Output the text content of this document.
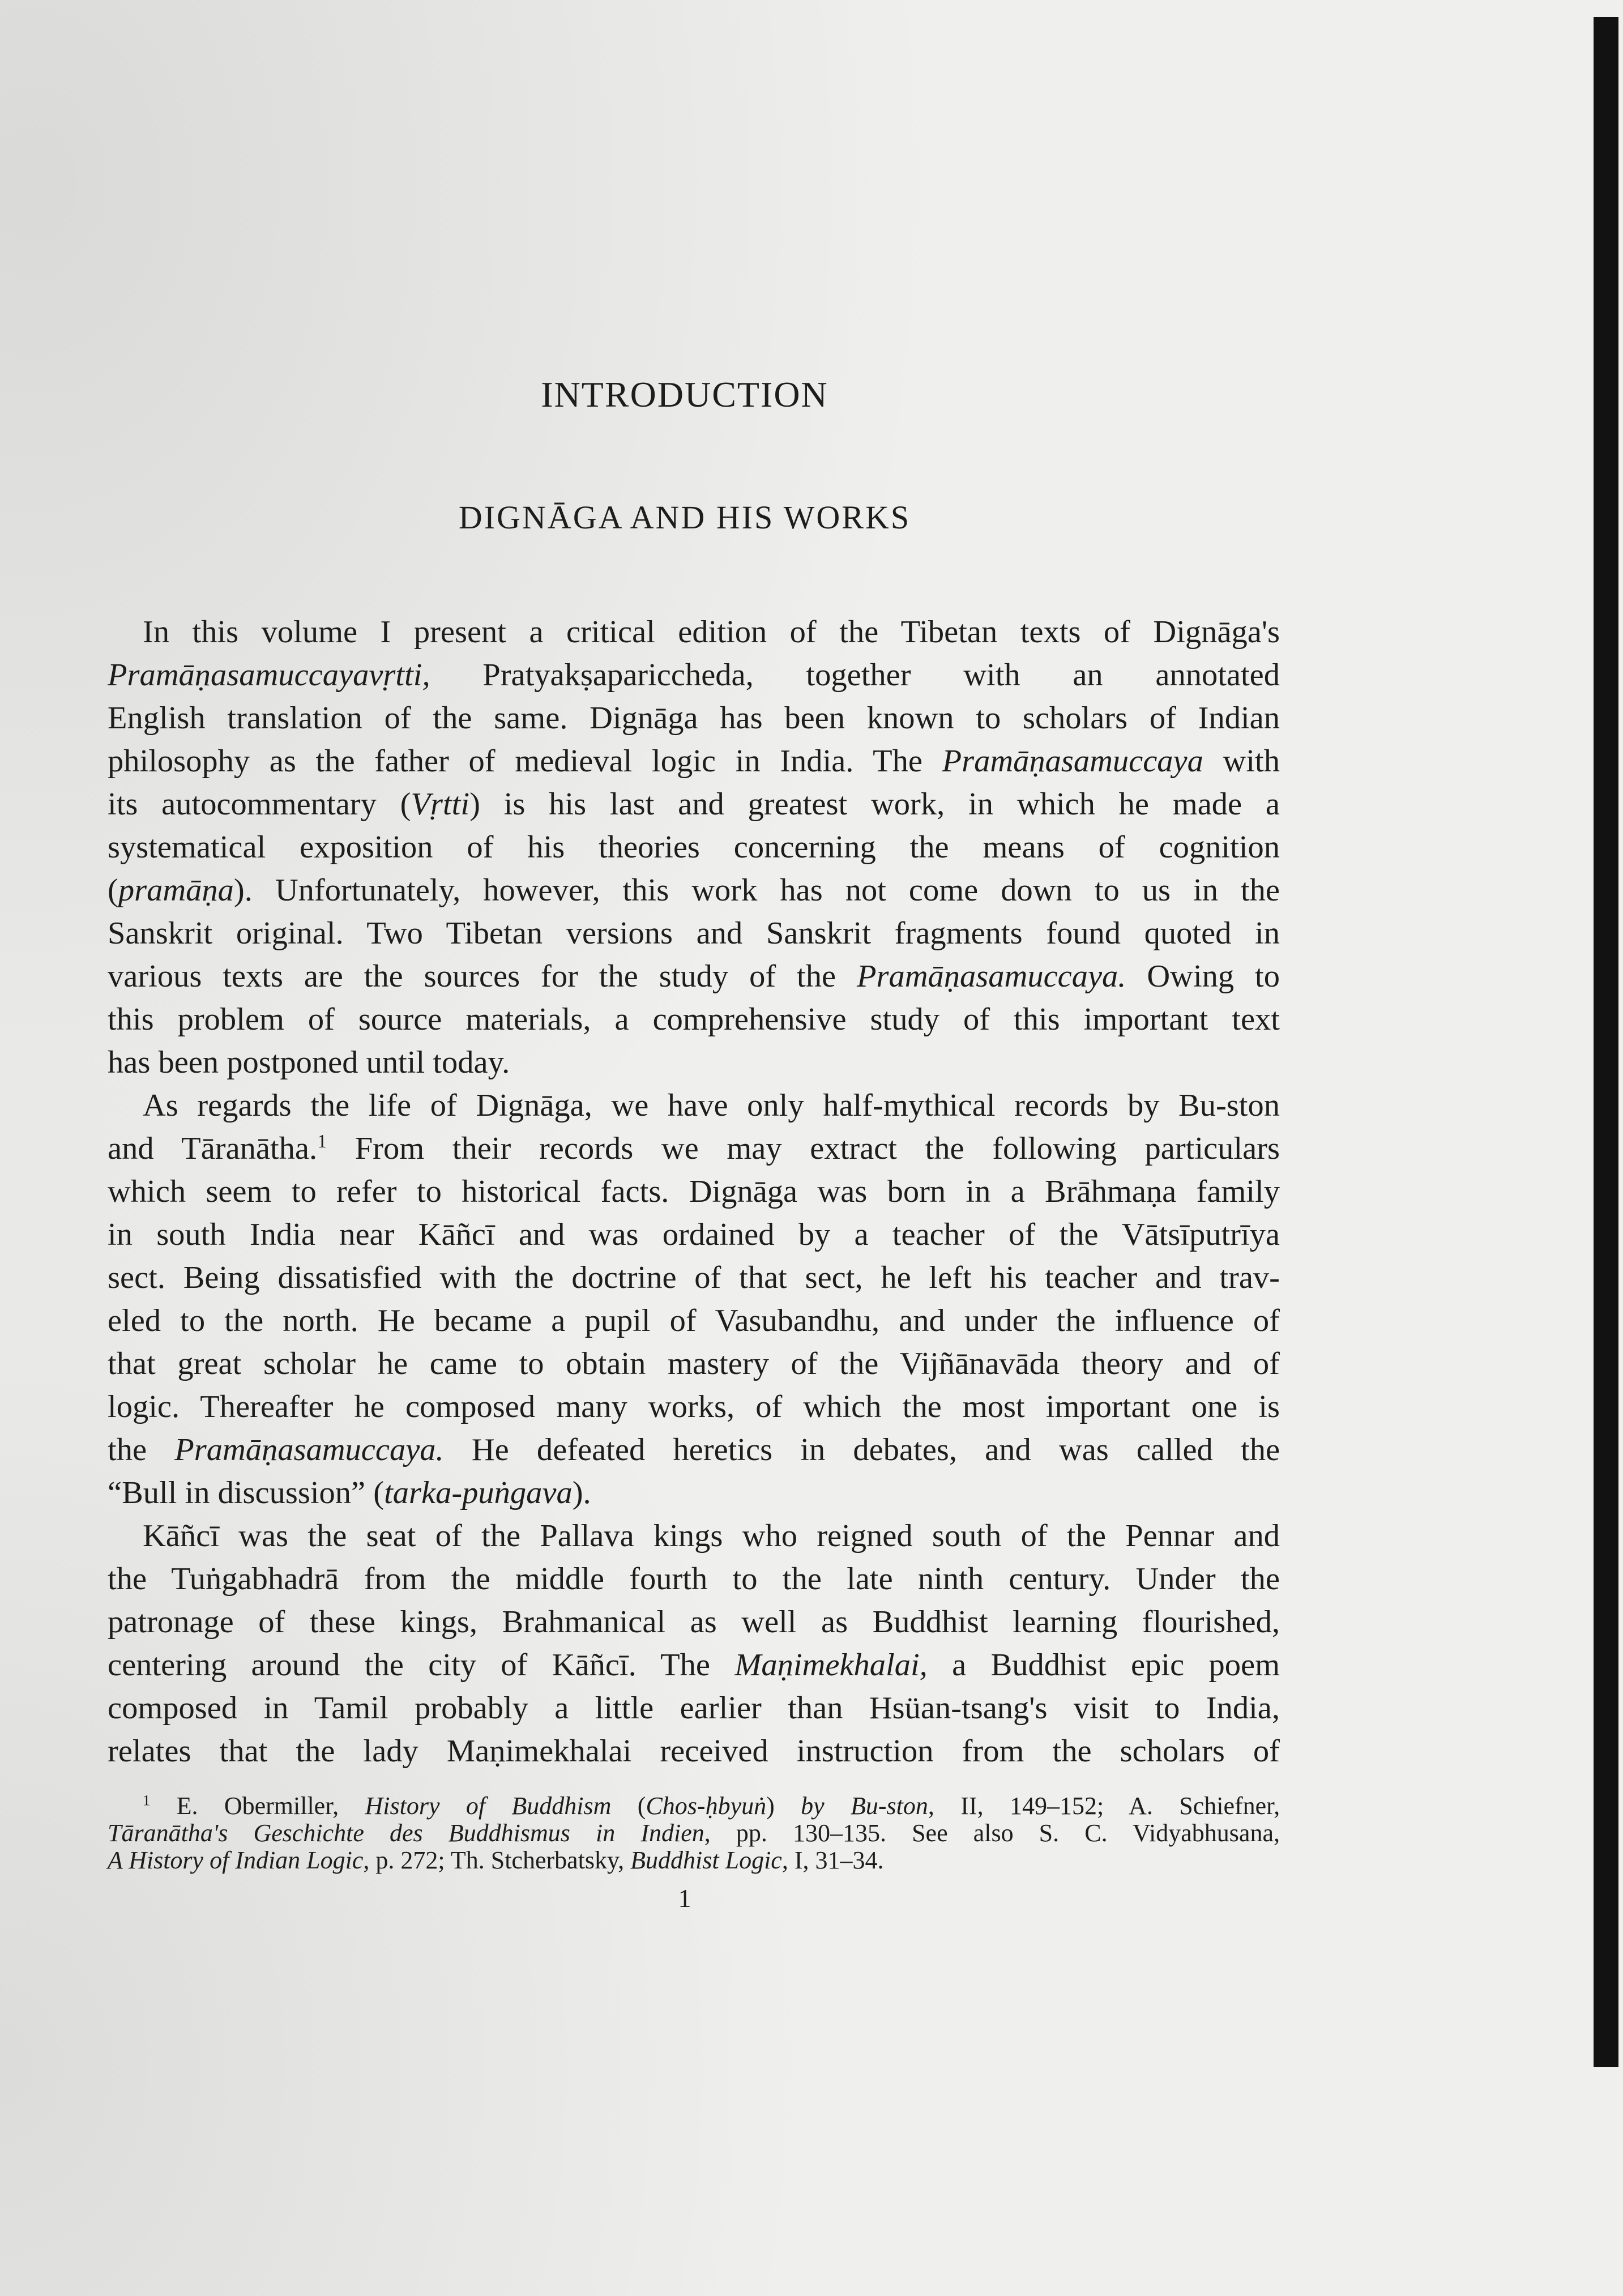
INTRODUCTION
DIGNĀGA AND HIS WORKS
In this volume I present a critical edition of the Tibetan texts of Dignāga's
Pramāṇasamuccayavṛtti, Pratyakṣapariccheda, together with an annotated
English translation of the same. Dignāga has been known to scholars of Indian
philosophy as the father of medieval logic in India. The Pramāṇasamuccaya with
its autocommentary (Vṛtti) is his last and greatest work, in which he made a
systematical exposition of his theories concerning the means of cognition
(pramāṇa). Unfortunately, however, this work has not come down to us in the
Sanskrit original. Two Tibetan versions and Sanskrit fragments found quoted in
various texts are the sources for the study of the Pramāṇasamuccaya. Owing to
this problem of source materials, a comprehensive study of this important text
has been postponed until today.
As regards the life of Dignāga, we have only half-mythical records by Bu-ston
and Tāranātha.$^1$ From their records we may extract the following particulars
which seem to refer to historical facts. Dignāga was born in a Brāhmaṇa family
in south India near Kāñcī and was ordained by a teacher of the Vātsīputrīya
sect. Being dissatisfied with the doctrine of that sect, he left his teacher and trav-
eled to the north. He became a pupil of Vasubandhu, and under the influence of
that great scholar he came to obtain mastery of the Vijñānavāda theory and of
logic. Thereafter he composed many works, of which the most important one is
the Pramāṇasamuccaya. He defeated heretics in debates, and was called the
“Bull in discussion” (tarka-puṅgava).
Kāñcī was the seat of the Pallava kings who reigned south of the Pennar and
the Tuṅgabhadrā from the middle fourth to the late ninth century. Under the
patronage of these kings, Brahmanical as well as Buddhist learning flourished,
centering around the city of Kāñcī. The Maṇimekhalai, a Buddhist epic poem
composed in Tamil probably a little earlier than Hsüan-tsang's visit to India,
relates that the lady Maṇimekhalai received instruction from the scholars of
$^1$ E. Obermiller, History of Buddhism (Chos-ḥbyuṅ) by Bu-ston, II, 149–152; A. Schiefner,
Tāranātha's Geschichte des Buddhismus in Indien, pp. 130–135. See also S. C. Vidyabhusana,
A History of Indian Logic, p. 272; Th. Stcherbatsky, Buddhist Logic, I, 31–34.
1
